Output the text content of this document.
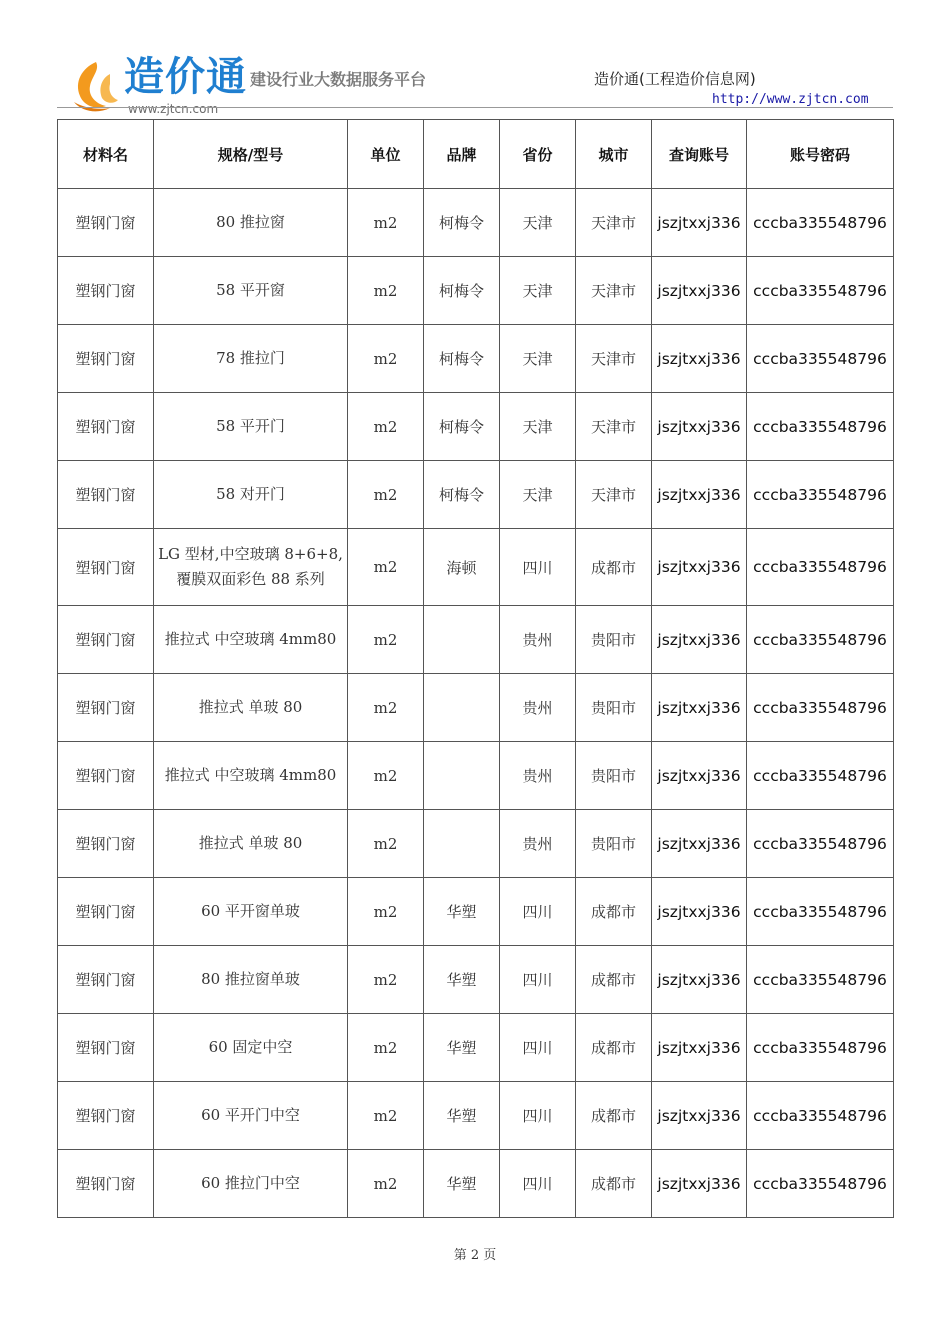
造价通
www.zjtcn.com
建设行业大数据服务平台	造价通(工程造价信息网)
http://www.zjtcn.com
材料名	规格/型号	单位	品牌	省份	城市	查询账号	账号密码
塑钢门窗	80 推拉窗	m2	柯梅令	天津	天津市	jszjtxxj336	cccba335548796
塑钢门窗	58 平开窗	m2	柯梅令	天津	天津市	jszjtxxj336	cccba335548796
塑钢门窗	78 推拉门	m2	柯梅令	天津	天津市	jszjtxxj336	cccba335548796
塑钢门窗	58 平开门	m2	柯梅令	天津	天津市	jszjtxxj336	cccba335548796
塑钢门窗	58 对开门	m2	柯梅令	天津	天津市	jszjtxxj336	cccba335548796
塑钢门窗	LG 型材,中空玻璃 8+6+8,覆膜双面彩色 88 系列	m2	海顿	四川	成都市	jszjtxxj336	cccba335548796
塑钢门窗	推拉式 中空玻璃 4mm80	m2		贵州	贵阳市	jszjtxxj336	cccba335548796
塑钢门窗	推拉式 单玻 80	m2		贵州	贵阳市	jszjtxxj336	cccba335548796
塑钢门窗	推拉式 中空玻璃 4mm80	m2		贵州	贵阳市	jszjtxxj336	cccba335548796
塑钢门窗	推拉式 单玻 80	m2		贵州	贵阳市	jszjtxxj336	cccba335548796
塑钢门窗	60 平开窗单玻	m2	华塑	四川	成都市	jszjtxxj336	cccba335548796
塑钢门窗	80 推拉窗单玻	m2	华塑	四川	成都市	jszjtxxj336	cccba335548796
塑钢门窗	60 固定中空	m2	华塑	四川	成都市	jszjtxxj336	cccba335548796
塑钢门窗	60 平开门中空	m2	华塑	四川	成都市	jszjtxxj336	cccba335548796
塑钢门窗	60 推拉门中空	m2	华塑	四川	成都市	jszjtxxj336	cccba335548796
第 2 页
